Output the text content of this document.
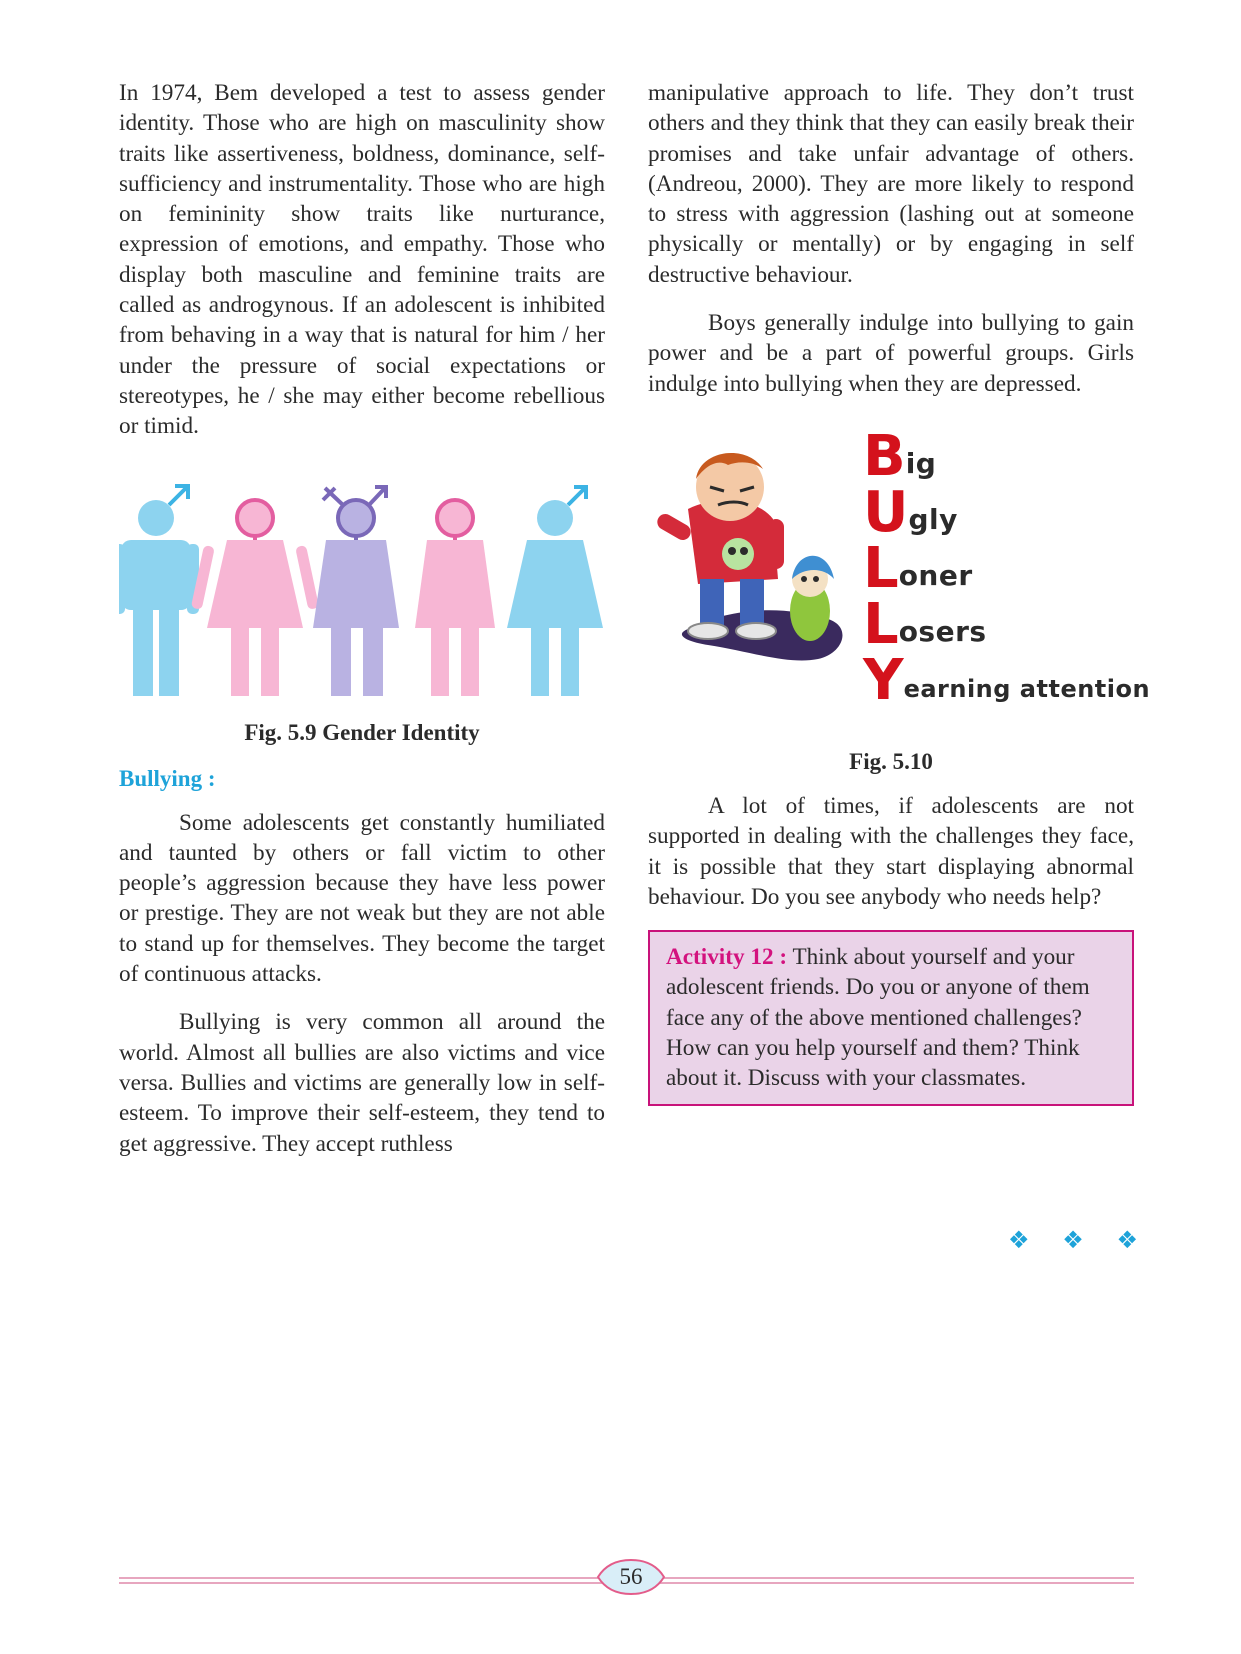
In 1974, Bem developed a test to assess gender identity. Those who are high on masculinity show traits like assertiveness, boldness, dominance, self-sufficiency and instrumentality. Those who are high on femininity show traits like nurturance, expression of emotions, and empathy. Those who display both masculine and feminine traits are called as androgynous. If an adolescent is inhibited from behaving in a way that is natural for him / her under the pressure of social expectations or stereotypes, he / she may either become rebellious or timid.

Fig. 5.9 Gender Identity
Bullying :

Some adolescents get constantly humiliated and taunted by others or fall victim to other people’s aggression because they have less power or prestige. They are not weak but they are not able to stand up for themselves. They become the target of continuous attacks.

Bullying is very common all around the world. Almost all bullies are also victims and vice versa. Bullies and victims are generally low in self-esteem. To improve their self-esteem, they tend to get aggressive. They accept ruthless

manipulative approach to life. They don’t trust others and they think that they can easily break their promises and take unfair advantage of others. (Andreou, 2000). They are more likely to respond to stress with aggression (lashing out at someone physically or mentally) or by engaging in self destructive behaviour.

Boys generally indulge into bullying to gain power and be a part of powerful groups. Girls indulge into bullying when they are depressed.

Big
Ugly
Loner
Losers
Yearning attention
Fig. 5.10

A lot of times, if adolescents are not supported in dealing with the challenges they face, it is possible that they start displaying abnormal behaviour. Do you see anybody who needs help?

Activity 12 : Think about yourself and your adolescent friends. Do you or anyone of them face any of the above mentioned challenges? How can you help yourself and them? Think about it. Discuss with your classmates.

❖ ❖ ❖
56
